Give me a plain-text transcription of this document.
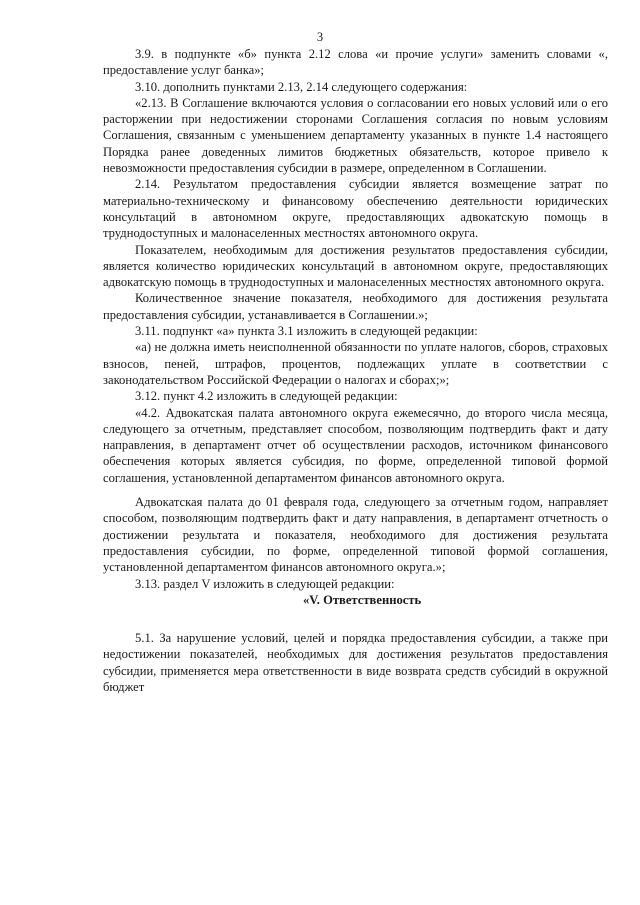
3

3.9. в подпункте «б» пункта 2.12 слова «и прочие услуги» заменить словами «, предоставление услуг банка»;

3.10. дополнить пунктами 2.13, 2.14 следующего содержания:

«2.13. В Соглашение включаются условия о согласовании его новых условий или о его расторжении при недостижении сторонами Соглашения согласия по новым условиям Соглашения, связанным с уменьшением департаменту указанных в пункте 1.4 настоящего Порядка ранее доведенных лимитов бюджетных обязательств, которое привело к невозможности предоставления субсидии в размере, определенном в Соглашении.

2.14. Результатом предоставления субсидии является возмещение затрат по материально-техническому и финансовому обеспечению деятельности юридических консультаций в автономном округе, предоставляющих адвокатскую помощь в труднодоступных и малонаселенных местностях автономного округа.

Показателем, необходимым для достижения результатов предоставления субсидии, является количество юридических консультаций в автономном округе, предоставляющих адвокатскую помощь в труднодоступных и малонаселенных местностях автономного округа.

Количественное значение показателя, необходимого для достижения результата предоставления субсидии, устанавливается в Соглашении.»;

3.11. подпункт «а» пункта 3.1 изложить в следующей редакции:

«а) не должна иметь неисполненной обязанности по уплате налогов, сборов, страховых взносов, пеней, штрафов, процентов, подлежащих уплате в соответствии с законодательством Российской Федерации о налогах и сборах;»;

3.12. пункт 4.2 изложить в следующей редакции:

«4.2. Адвокатская палата автономного округа ежемесячно, до второго числа месяца, следующего за отчетным, представляет способом, позволяющим подтвердить факт и дату направления, в департамент отчет об осуществлении расходов, источником финансового обеспечения которых является субсидия, по форме, определенной типовой формой соглашения, установленной департаментом финансов автономного округа.

Адвокатская палата до 01 февраля года, следующего за отчетным годом, направляет способом, позволяющим подтвердить факт и дату направления, в департамент отчетность о достижении результата и показателя, необходимого для достижения результата предоставления субсидии, по форме, определенной типовой формой соглашения, установленной департаментом финансов автономного округа.»;

3.13. раздел V изложить в следующей редакции:

«V. Ответственность

5.1. За нарушение условий, целей и порядка предоставления субсидии, а также при недостижении показателей, необходимых для достижения результатов предоставления субсидии, применяется мера ответственности в виде возврата средств субсидий в окружной бюджет
